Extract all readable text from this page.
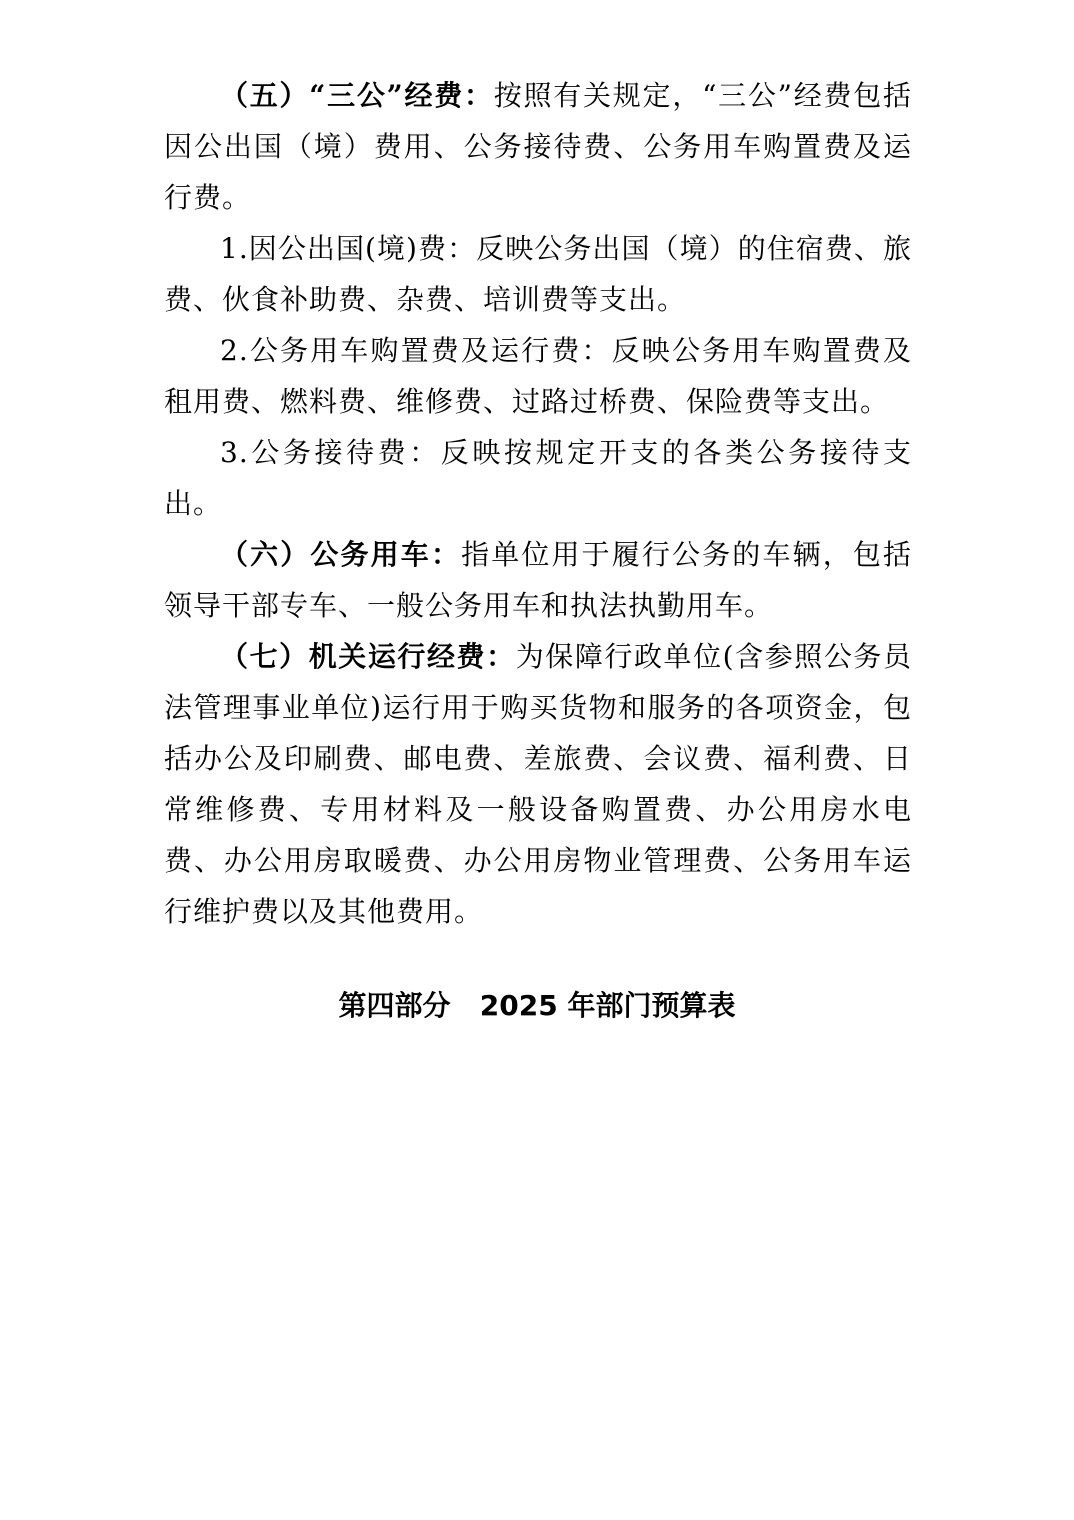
（五）“三公”经费：按照有关规定，“三公”经费包括因公出国（境）费用、公务接待费、公务用车购置费及运行费。

1.因公出国(境)费：反映公务出国（境）的住宿费、旅费、伙食补助费、杂费、培训费等支出。

2.公务用车购置费及运行费：反映公务用车购置费及租用费、燃料费、维修费、过路过桥费、保险费等支出。

3.公务接待费：反映按规定开支的各类公务接待支出。

（六）公务用车：指单位用于履行公务的车辆，包括领导干部专车、一般公务用车和执法执勤用车。

（七）机关运行经费：为保障行政单位(含参照公务员法管理事业单位)运行用于购买货物和服务的各项资金，包括办公及印刷费、邮电费、差旅费、会议费、福利费、日常维修费、专用材料及一般设备购置费、办公用房水电费、办公用房取暖费、办公用房物业管理费、公务用车运行维护费以及其他费用。

第四部分   2025 年部门预算表
